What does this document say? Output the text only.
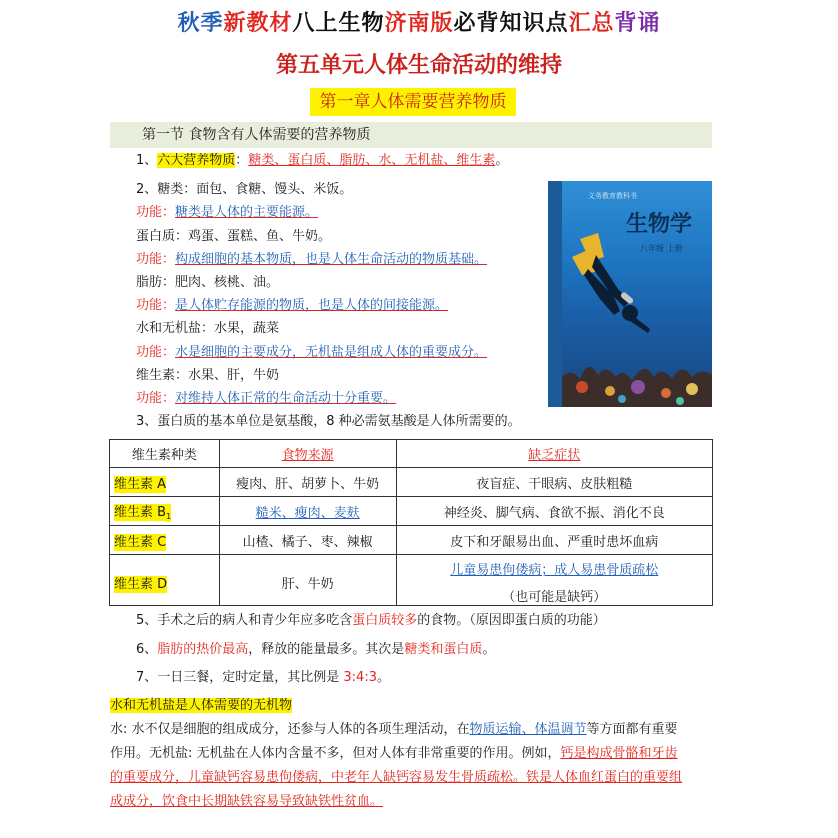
秋季新教材八上生物济南版必背知识点汇总背诵
第五单元人体生命活动的维持
第一章人体需要营养物质
第一节 食物含有人体需要的营养物质
1、六大营养物质：糖类、蛋白质、脂肪、水、无机盐、维生素。
2、糖类：面包、食糖、馒头、米饭。
功能：糖类是人体的主要能源。
蛋白质：鸡蛋、蛋糕、鱼、牛奶。
功能：构成细胞的基本物质，也是人体生命活动的物质基础。
脂肪：肥肉、核桃、油。
功能：是人体贮存能源的物质，也是人体的间接能源。
水和无机盐：水果，蔬菜
功能：水是细胞的主要成分，无机盐是组成人体的重要成分。
维生素：水果、肝，牛奶
功能：对维持人体正常的生命活动十分重要。
3、蛋白质的基本单位是氨基酸，8 种必需氨基酸是人体所需要的。
义务教育教科书
生物学
八年级 上册
维生素种类	食物来源	缺乏症状
维生素 A	瘦肉、肝、胡萝卜、牛奶	夜盲症、干眼病、皮肤粗糙
维生素 $B_1$	糙米、瘦肉、麦麸	神经炎、脚气病、食欲不振、消化不良
维生素 C	山楂、橘子、枣、辣椒	皮下和牙龈易出血、严重时患坏血病
维生素 D	肝、牛奶	儿童易患佝偻病；成人易患骨质疏松
（也可能是缺钙）
5、手术之后的病人和青少年应多吃含蛋白质较多的食物。（原因即蛋白质的功能）
6、脂肪的热价最高，释放的能量最多。其次是糖类和蛋白质。
7、一日三餐，定时定量，其比例是 3:4:3。
水和无机盐是人体需要的无机物
水: 水不仅是细胞的组成成分，还参与人体的各项生理活动，在物质运输、体温调节等方面都有重要
作用。无机盐: 无机盐在人体内含量不多，但对人体有非常重要的作用。例如，钙是构成骨骼和牙齿
的重要成分，儿童缺钙容易患佝偻病，中老年人缺钙容易发生骨质疏松。铁是人体血红蛋白的重要组
成成分，饮食中长期缺铁容易导致缺铁性贫血。
